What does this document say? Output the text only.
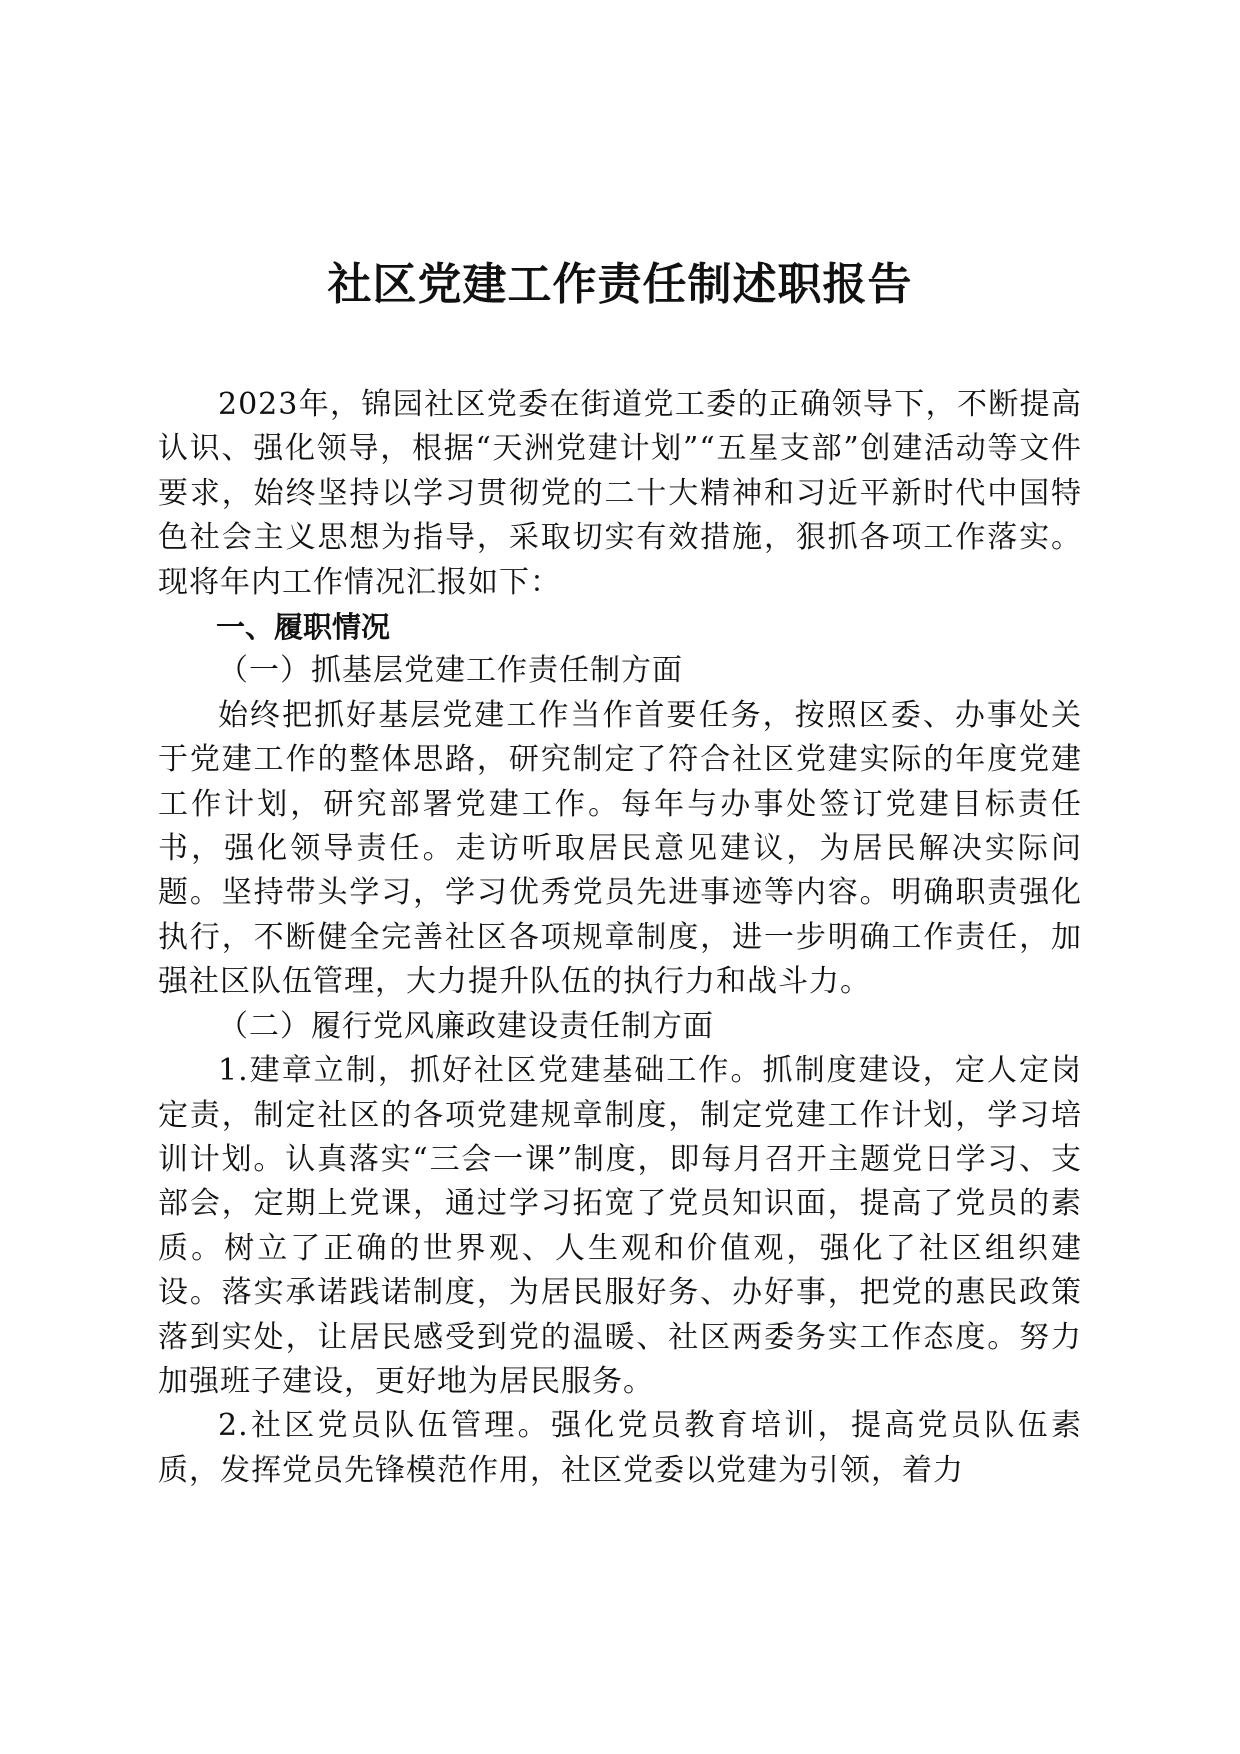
社区党建工作责任制述职报告

2023年，锦园社区党委在街道党工委的正确领导下，不断提高认识、强化领导，根据“天洲党建计划”“五星支部”创建活动等文件要求，始终坚持以学习贯彻党的二十大精神和习近平新时代中国特色社会主义思想为指导，采取切实有效措施，狠抓各项工作落实。现将年内工作情况汇报如下：

一、履职情况

（一）抓基层党建工作责任制方面

始终把抓好基层党建工作当作首要任务，按照区委、办事处关于党建工作的整体思路，研究制定了符合社区党建实际的年度党建工作计划，研究部署党建工作。每年与办事处签订党建目标责任书，强化领导责任。走访听取居民意见建议，为居民解决实际问题。坚持带头学习，学习优秀党员先进事迹等内容。明确职责强化执行，不断健全完善社区各项规章制度，进一步明确工作责任，加强社区队伍管理，大力提升队伍的执行力和战斗力。

（二）履行党风廉政建设责任制方面

1.建章立制，抓好社区党建基础工作。抓制度建设，定人定岗定责，制定社区的各项党建规章制度，制定党建工作计划，学习培训计划。认真落实“三会一课”制度，即每月召开主题党日学习、支部会，定期上党课，通过学习拓宽了党员知识面，提高了党员的素质。树立了正确的世界观、人生观和价值观，强化了社区组织建设。落实承诺践诺制度，为居民服好务、办好事，把党的惠民政策落到实处，让居民感受到党的温暖、社区两委务实工作态度。努力加强班子建设，更好地为居民服务。

2.社区党员队伍管理。强化党员教育培训，提高党员队伍素质，发挥党员先锋模范作用，社区党委以党建为引领，着力
